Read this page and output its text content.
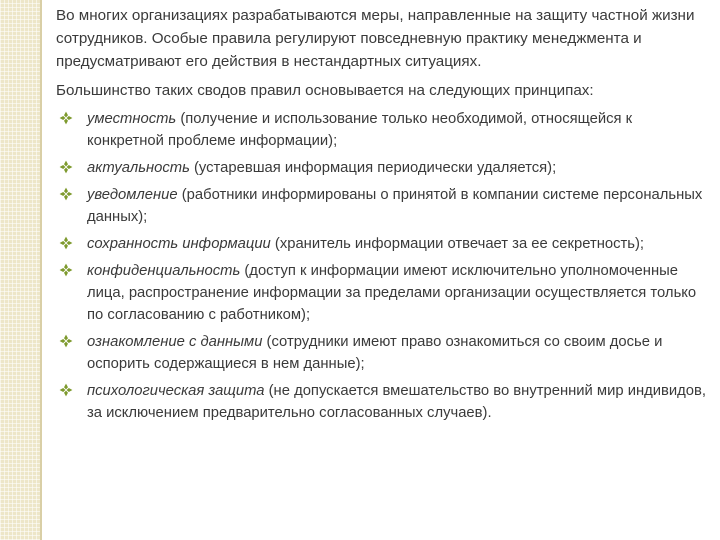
Во многих организациях разрабатываются меры, направленные на защиту частной жизни сотрудников. Особые правила регулируют повседневную практику менеджмента и предусматривают его действия в нестандартных ситуациях.

Большинство таких сводов правил основывается на следующих принципах:

уместность (получение и использование только необходимой, относящейся к конкретной проблеме информации);
актуальность (устаревшая информация периодически удаляется);
уведомление (работники информированы о принятой в компании системе персональных данных);
сохранность информации (хранитель информации отвечает за ее секретность);
конфиденциальность (доступ к информации имеют исключительно уполномоченные лица, распространение информации за пределами организации осуществляется только по согласованию с работником);
ознакомление с данными (сотрудники имеют право ознакомиться со своим досье и оспорить содержащиеся в нем данные);
психологическая защита (не допускается вмешательство во внутренний мир индивидов, за исключением предварительно согласованных случаев).
